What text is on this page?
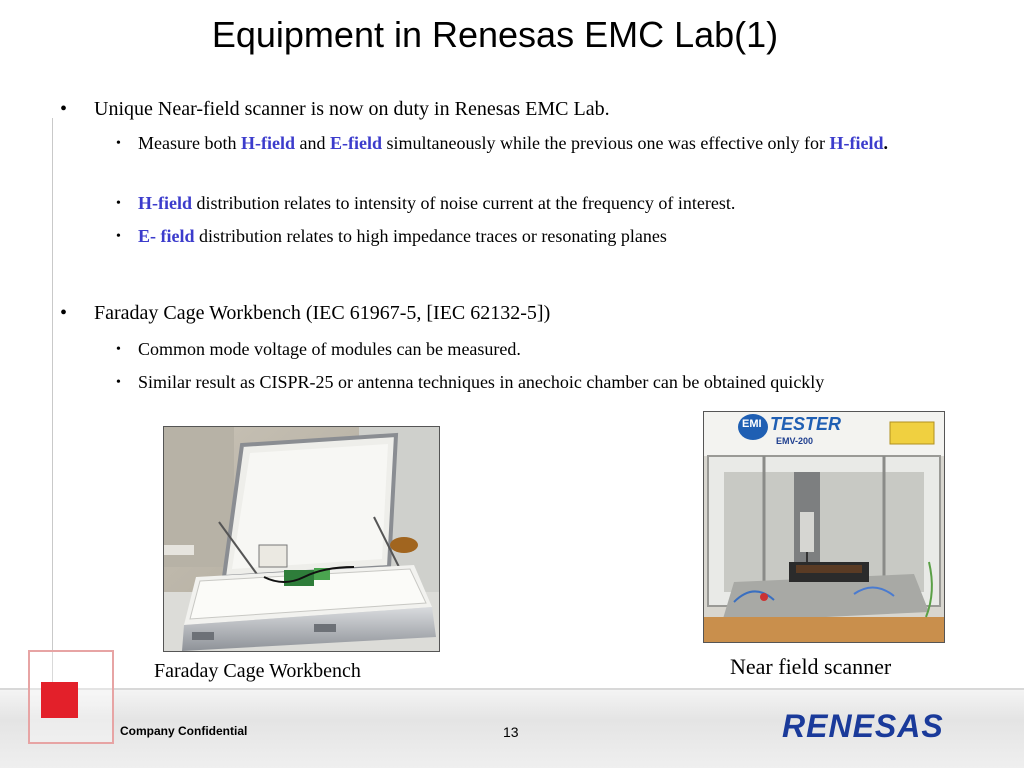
Equipment in Renesas EMC Lab(1)
• Unique Near-field scanner is now on duty in Renesas EMC Lab.
• Measure both H-field and E-field simultaneously while the previous one was effective only for H-field.
• H-field distribution relates to intensity of noise current at the frequency of interest.
• E- field distribution relates to high impedance traces or resonating planes
• Faraday Cage Workbench (IEC 61967-5, [IEC 62132-5])
• Common mode voltage of modules can be measured.
• Similar result as CISPR-25 or antenna techniques in anechoic chamber can be obtained quickly
Faraday Cage Workbench
EMI TESTER
EMV-200
Near field scanner
Company Confidential	13	RENESAS
